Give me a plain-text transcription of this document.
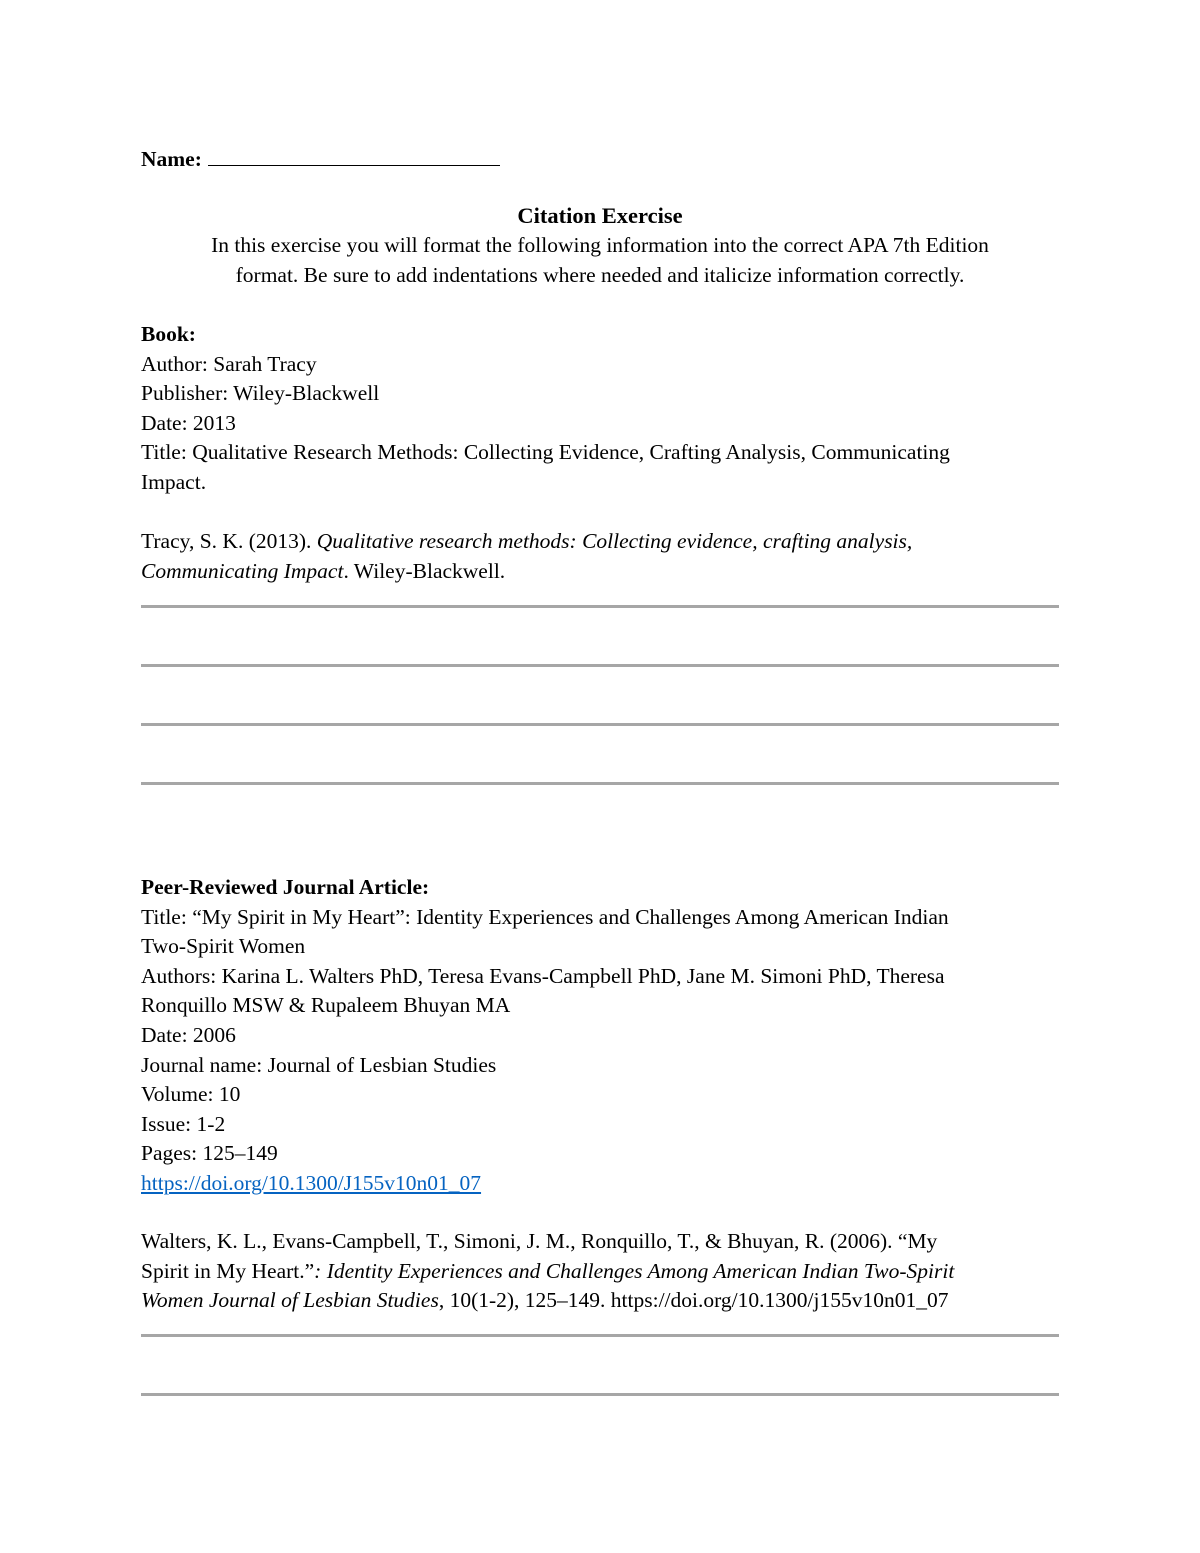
Name:
Citation Exercise
In this exercise you will format the following information into the correct APA 7th Edition
format. Be sure to add indentations where needed and italicize information correctly.
Book:
Author: Sarah Tracy
Publisher: Wiley-Blackwell
Date: 2013
Title: Qualitative Research Methods: Collecting Evidence, Crafting Analysis, Communicating
Impact.
Tracy, S. K. (2013). Qualitative research methods: Collecting evidence, crafting analysis,
Communicating Impact. Wiley-Blackwell.
Peer-Reviewed Journal Article:
Title: “My Spirit in My Heart”: Identity Experiences and Challenges Among American Indian
Two-Spirit Women
Authors: Karina L. Walters PhD, Teresa Evans-Campbell PhD, Jane M. Simoni PhD, Theresa
Ronquillo MSW & Rupaleem Bhuyan MA
Date: 2006
Journal name: Journal of Lesbian Studies
Volume: 10
Issue: 1-2
Pages: 125–149
https://doi.org/10.1300/J155v10n01_07
Walters, K. L., Evans-Campbell, T., Simoni, J. M., Ronquillo, T., & Bhuyan, R. (2006). “My
Spirit in My Heart.”: Identity Experiences and Challenges Among American Indian Two-Spirit
Women Journal of Lesbian Studies, 10(1-2), 125–149. https://doi.org/10.1300/j155v10n01_07
